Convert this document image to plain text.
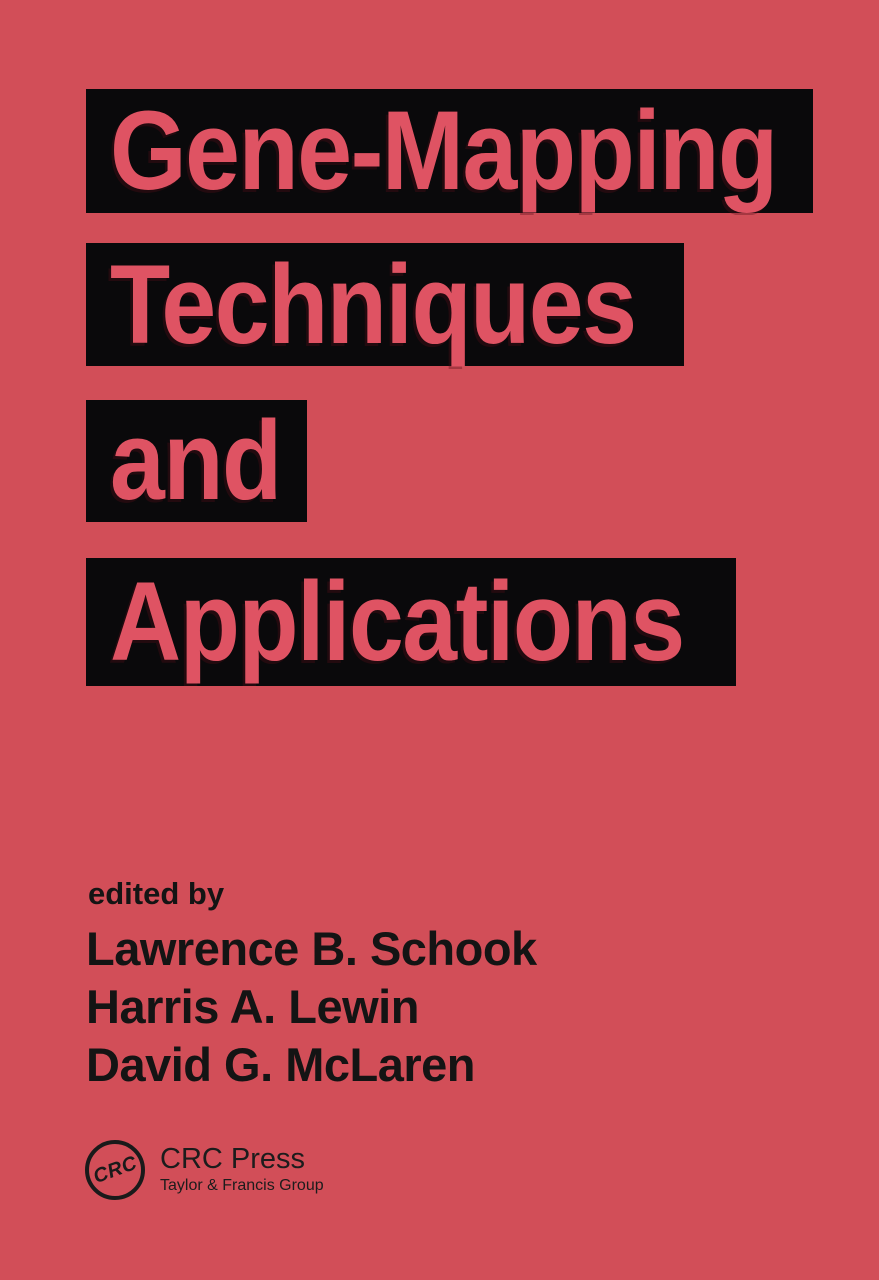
Gene-Mapping
Techniques
and
Applications
edited by
Lawrence B. Schook
Harris A. Lewin
David G. McLaren
CRC CRC Press
Taylor & Francis Group
